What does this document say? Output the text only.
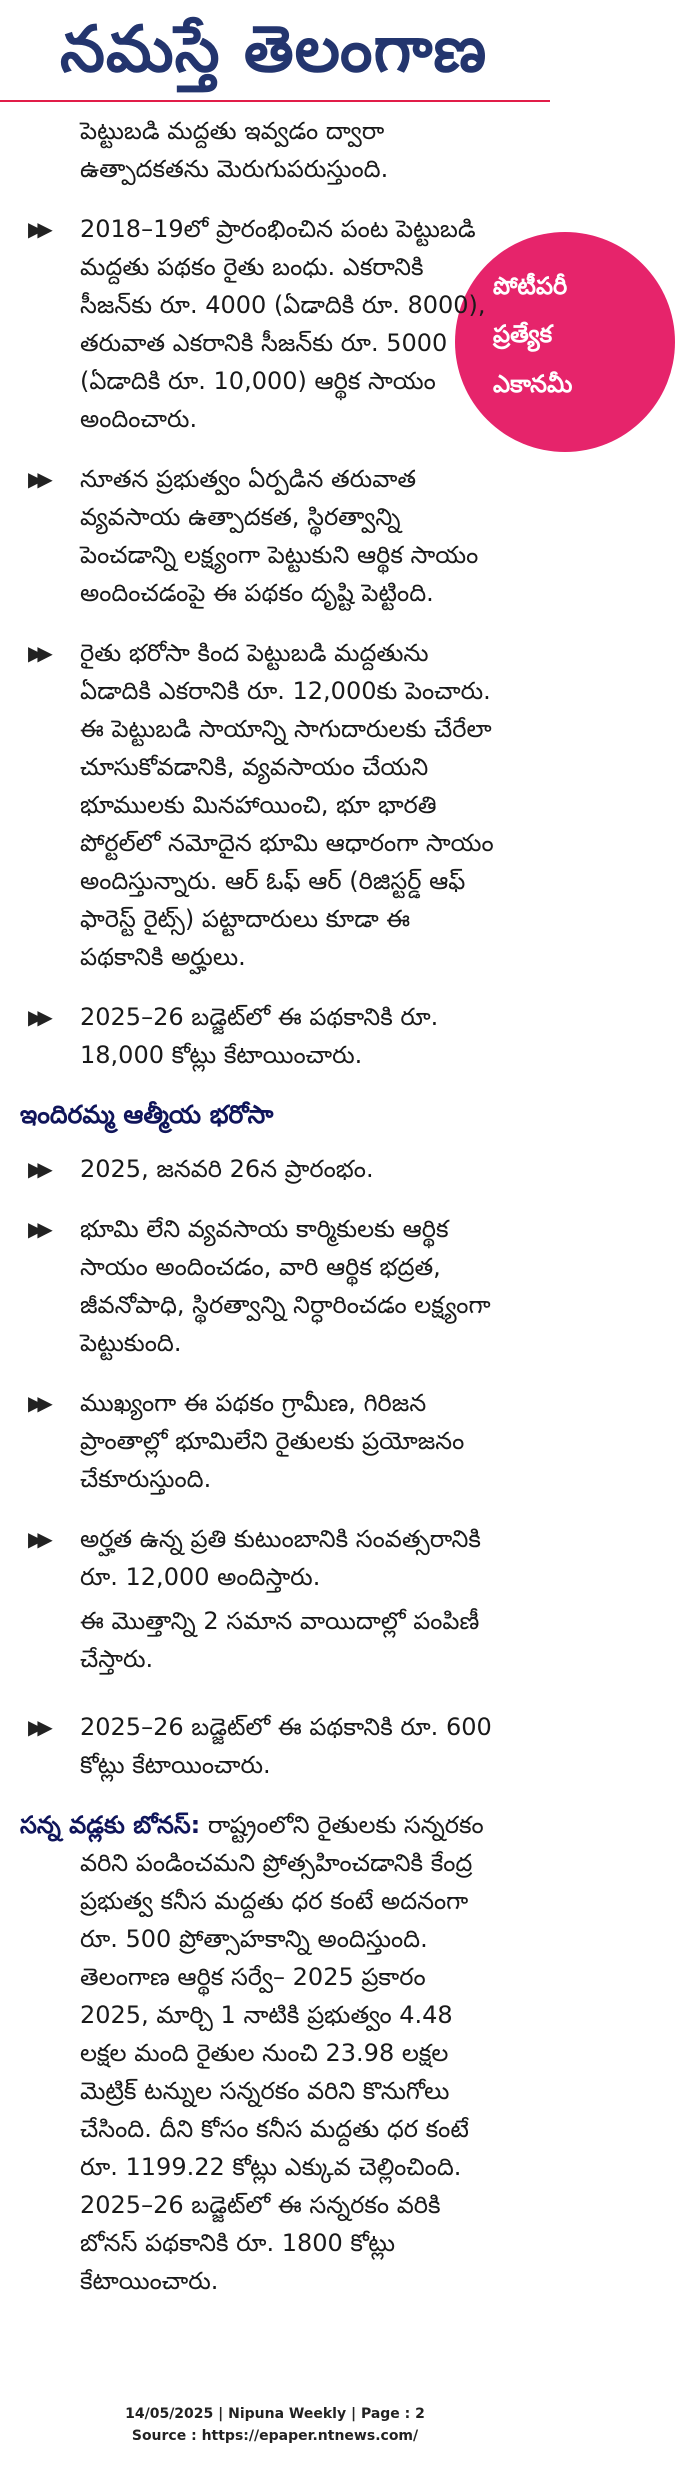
నమస్తే తెలంగాణ
పోటీపరీ
ప్రత్యేక
ఎకానమీ
పెట్టుబడి మద్దతు ఇవ్వడం ద్వారా ఉత్పాదకతను మెరుగుపరుస్తుంది.
▶▶ 2018–19లో ప్రారంభించిన పంట పెట్టుబడి మద్దతు పథకం రైతు బంధు. ఎకరానికి సీజన్‌కు రూ. 4000 (ఏడాదికి రూ. 8000), తరువాత ఎకరానికి సీజన్‌కు రూ. 5000 (ఏడాదికి రూ. 10,000) ఆర్థిక సాయం అందించారు.
▶▶ నూతన ప్రభుత్వం ఏర్పడిన తరువాత వ్యవసాయ ఉత్పాదకత, స్థిరత్వాన్ని పెంచడాన్ని లక్ష్యంగా పెట్టుకుని ఆర్థిక సాయం అందించడంపై ఈ పథకం దృష్టి పెట్టింది.
▶▶ రైతు భరోసా కింద పెట్టుబడి మద్దతును ఏడాదికి ఎకరానికి రూ. 12,000కు పెంచారు. ఈ పెట్టుబడి సాయాన్ని సాగుదారులకు చేరేలా చూసుకోవడానికి, వ్యవసాయం చేయని భూములకు మినహాయించి, భూ భారతి పోర్టల్‌లో నమోదైన భూమి ఆధారంగా సాయం అందిస్తున్నారు. ఆర్ ఓఫ్ ఆర్ (రిజిస్టర్డ్ ఆఫ్ ఫారెస్ట్ రైట్స్) పట్టాదారులు కూడా ఈ పథకానికి అర్హులు.
▶▶ 2025–26 బడ్జెట్‌లో ఈ పథకానికి రూ. 18,000 కోట్లు కేటాయించారు.
ఇందిరమ్మ ఆత్మీయ భరోసా
▶▶ 2025, జనవరి 26న ప్రారంభం.
▶▶ భూమి లేని వ్యవసాయ కార్మికులకు ఆర్థిక సాయం అందించడం, వారి ఆర్థిక భద్రత, జీవనోపాధి, స్థిరత్వాన్ని నిర్ధారించడం లక్ష్యంగా పెట్టుకుంది.
▶▶ ముఖ్యంగా ఈ పథకం గ్రామీణ, గిరిజన ప్రాంతాల్లో భూమిలేని రైతులకు ప్రయోజనం చేకూరుస్తుంది.
▶▶ అర్హత ఉన్న ప్రతి కుటుంబానికి సంవత్సరానికి రూ. 12,000 అందిస్తారు.
ఈ మొత్తాన్ని 2 సమాన వాయిదాల్లో పంపిణీ చేస్తారు.
▶▶ 2025–26 బడ్జెట్‌లో ఈ పథకానికి రూ. 600 కోట్లు కేటాయించారు.
సన్న వడ్లకు బోనస్: రాష్ట్రంలోని రైతులకు సన్నరకం వరిని పండించమని ప్రోత్సహించడానికి కేంద్ర ప్రభుత్వ కనీస మద్దతు ధర కంటే అదనంగా రూ. 500 ప్రోత్సాహకాన్ని అందిస్తుంది. తెలంగాణ ఆర్థిక సర్వే– 2025 ప్రకారం 2025, మార్చి 1 నాటికి ప్రభుత్వం 4.48 లక్షల మంది రైతుల నుంచి 23.98 లక్షల మెట్రిక్ టన్నుల సన్నరకం వరిని కొనుగోలు చేసింది. దీని కోసం కనీస మద్దతు ధర కంటే రూ. 1199.22 కోట్లు ఎక్కువ చెల్లించింది. 2025–26 బడ్జెట్‌లో ఈ సన్నరకం వరికి బోనస్ పథకానికి రూ. 1800 కోట్లు కేటాయించారు.
14/05/2025 | Nipuna Weekly | Page : 2
Source : https://epaper.ntnews.com/
